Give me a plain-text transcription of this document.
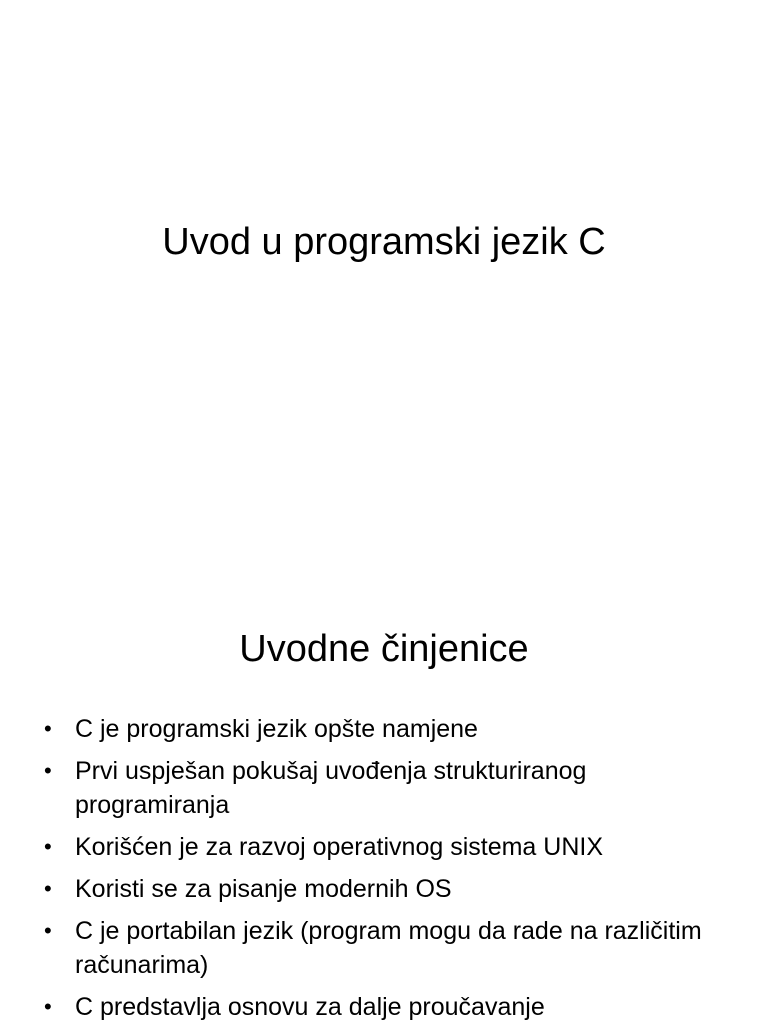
Uvod u programski jezik C
Uvodne činjenice
• C je programski jezik opšte namjene
• Prvi uspješan pokušaj uvođenja strukturiranog programiranja
• Korišćen je za razvoj operativnog sistema UNIX
• Koristi se za pisanje modernih OS
• C je portabilan jezik (program mogu da rade na različitim računarima)
• C predstavlja osnovu za dalje proučavanje
